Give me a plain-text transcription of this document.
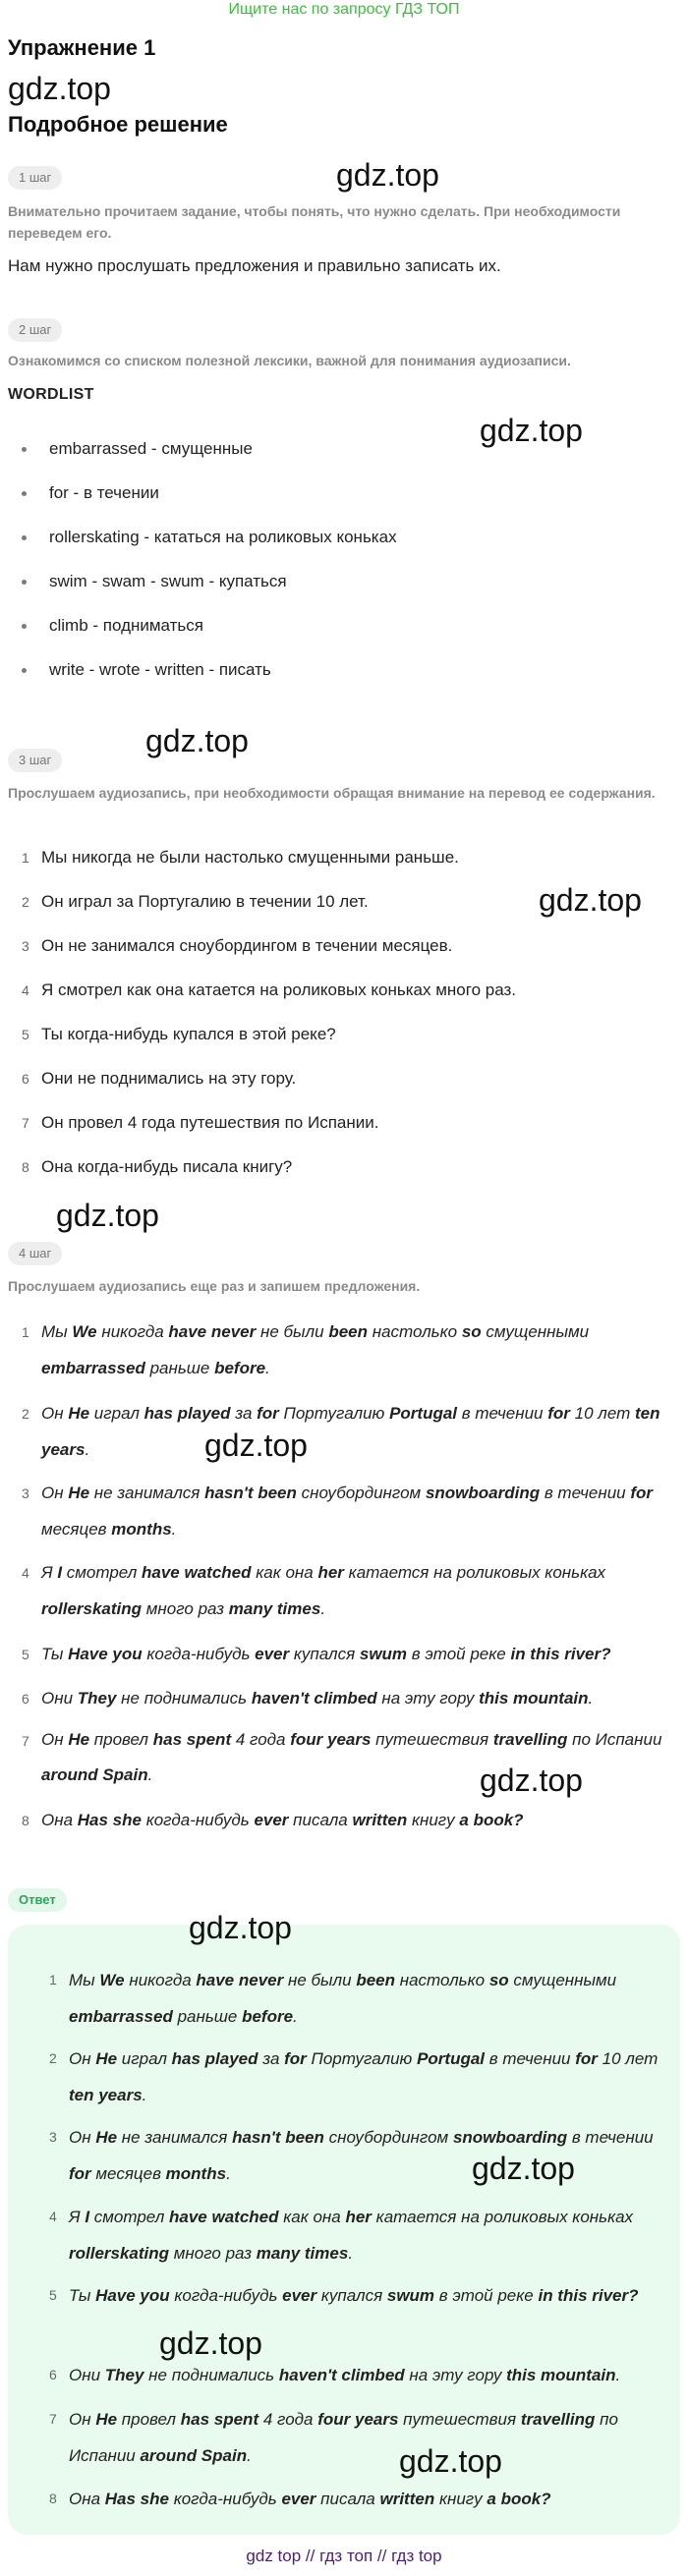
Ищите нас по запросу ГДЗ ТОП
Упражнение 1
gdz.top
Подробное решение
1 шаг	gdz.top
Внимательно прочитаем задание, чтобы понять, что нужно сделать. При необходимости переведем его.
Нам нужно прослушать предложения и правильно записать их.
2 шаг
Ознакомимся со списком полезной лексики, важной для понимания аудиозаписи.
WORDLIST
gdz.top
embarrassed - смущенные
for - в течении
rollerskating - кататься на роликовых коньках
swim - swam - swum - купаться
climb - подниматься
write - wrote - written - писать
gdz.top
3 шаг
Прослушаем аудиозапись, при необходимости обращая внимание на перевод ее содержания.
gdz.top
1 Мы никогда не были настолько смущенными раньше.
2 Он играл за Португалию в течении 10 лет.
3 Он не занимался сноубордингом в течении месяцев.
4 Я смотрел как она катается на роликовых коньках много раз.
5 Ты когда-нибудь купался в этой реке?
6 Они не поднимались на эту гору.
7 Он провел 4 года путешествия по Испании.
8 Она когда-нибудь писала книгу?
gdz.top
4 шаг
Прослушаем аудиозапись еще раз и запишем предложения.
1 Мы We никогда have never не были been настолько so смущенными embarrassed раньше before.
2 Он He играл has played за for Португалию Portugal в течении for 10 лет ten years.	gdz.top
3 Он He не занимался hasn't been сноубордингом snowboarding в течении for месяцев months.
4 Я I смотрел have watched как она her катается на роликовых коньках rollerskating много раз many times.
5 Ты Have you когда-нибудь ever купался swum в этой реке in this river?
6 Они They не поднимались haven't climbed на эту гору this mountain.
7 Он He провел has spent 4 года four years путешествия travelling по Испании around Spain.	gdz.top
8 Она Has she когда-нибудь ever писала written книгу a book?
Ответ
gdz.top
1 Мы We никогда have never не были been настолько so смущенными embarrassed раньше before.
2 Он He играл has played за for Португалию Portugal в течении for 10 лет ten years.
3 Он He не занимался hasn't been сноубордингом snowboarding в течении for месяцев months.	gdz.top
4 Я I смотрел have watched как она her катается на роликовых коньках rollerskating много раз many times.
5 Ты Have you когда-нибудь ever купался swum в этой реке in this river?
gdz.top
6 Они They не поднимались haven't climbed на эту гору this mountain.
7 Он He провел has spent 4 года four years путешествия travelling по Испании around Spain.	gdz.top
8 Она Has she когда-нибудь ever писала written книгу a book?
gdz top // гдз топ // гдз top
